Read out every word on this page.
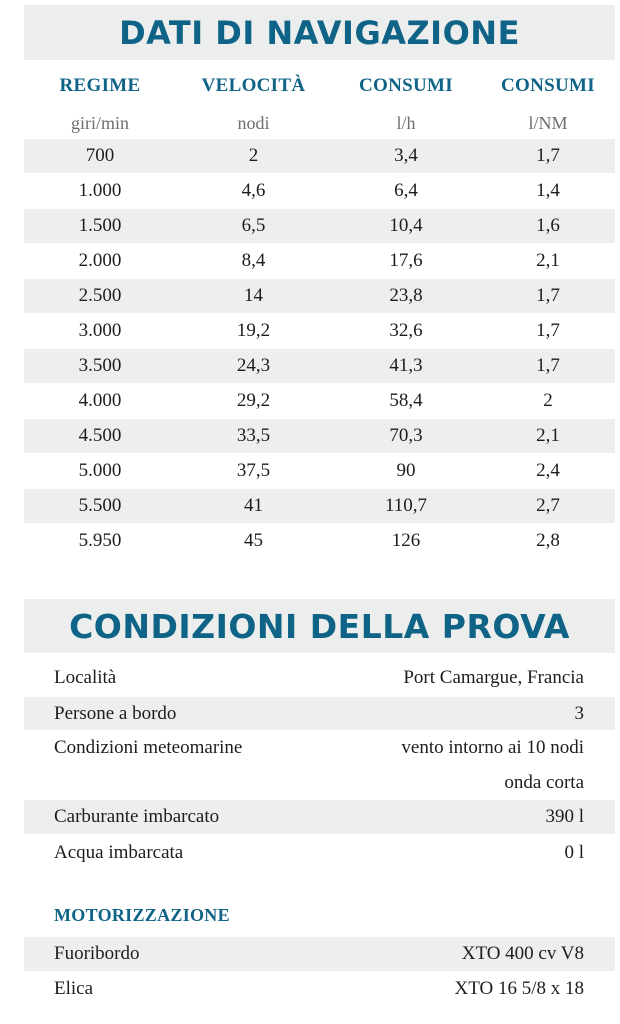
DATI DI NAVIGAZIONE
REGIME	VELOCITÀ	CONSUMI	CONSUMI
giri/min	nodi	l/h	l/NM
700	2	3,4	1,7
1.000	4,6	6,4	1,4
1.500	6,5	10,4	1,6
2.000	8,4	17,6	2,1
2.500	14	23,8	1,7
3.000	19,2	32,6	1,7
3.500	24,3	41,3	1,7
4.000	29,2	58,4	2
4.500	33,5	70,3	2,1
5.000	37,5	90	2,4
5.500	41	110,7	2,7
5.950	45	126	2,8
CONDIZIONI DELLA PROVA
Località	Port Camargue, Francia
Persone a bordo	3
Condizioni meteomarine	vento intorno ai 10 nodi
onda corta
Carburante imbarcato	390 l
Acqua imbarcata	0 l
MOTORIZZAZIONE
Fuoribordo	XTO 400 cv V8
Elica	XTO 16 5/8 x 18
